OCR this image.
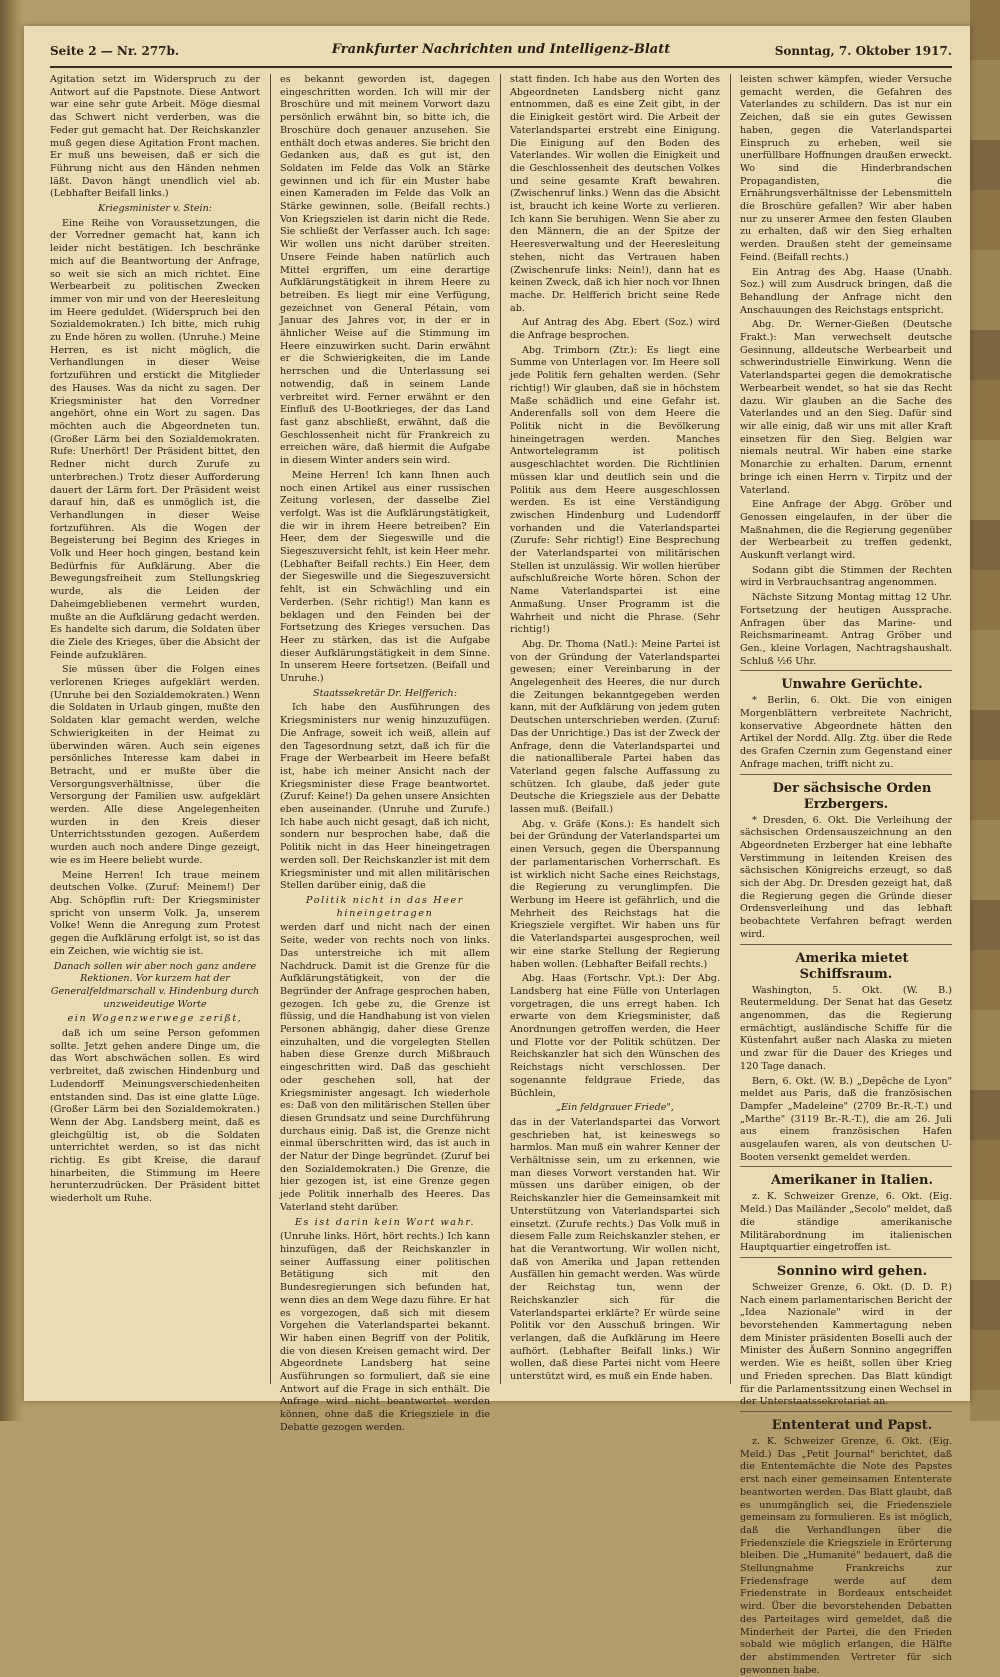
Seite 2 — Nr. 277b.	Frankfurter Nachrichten und Intelligenz-Blatt	Sonntag, 7. Oktober 1917.

Agitation setzt im Widerspruch zu der Antwort auf die Papstnote. Diese Antwort war eine sehr gute Arbeit. Möge diesmal das Schwert nicht verderben, was die Feder gut gemacht hat. Der Reichskanzler muß gegen diese Agitation Front machen. Er muß uns beweisen, daß er sich die Führung nicht aus den Händen nehmen läßt. Davon hängt unendlich viel ab. (Lebhafter Beifall links.)

Kriegsminister v. Stein:

Eine Reihe von Voraussetzungen, die der Vorredner gemacht hat, kann ich leider nicht bestätigen. Ich beschränke mich auf die Beantwortung der Anfrage, so weit sie sich an mich richtet. Eine Werbearbeit zu politischen Zwecken immer von mir und von der Heeresleitung im Heere geduldet. (Widerspruch bei den Sozialdemokraten.) Ich bitte, mich ruhig zu Ende hören zu wollen. (Unruhe.) Meine Herren, es ist nicht möglich, die Verhandlungen in dieser Weise fortzuführen und erstickt die Mitglieder des Hauses. Was da nicht zu sagen. Der Kriegsminister hat den Vorredner angehört, ohne ein Wort zu sagen. Das möchten auch die Abgeordneten tun. (Großer Lärm bei den Sozialdemokraten. Rufe: Unerhört! Der Präsident bittet, den Redner nicht durch Zurufe zu unterbrechen.) Trotz dieser Aufforderung dauert der Lärm fort. Der Präsident weist darauf hin, daß es unmöglich ist, die Verhandlungen in dieser Weise fortzuführen. Als die Wogen der Begeisterung bei Beginn des Krieges in Volk und Heer hoch gingen, bestand kein Bedürfnis für Aufklärung. Aber die Bewegungsfreiheit zum Stellungskrieg wurde, als die Leiden der Daheimgebliebenen vermehrt wurden, mußte an die Aufklärung gedacht werden. Es handelte sich darum, die Soldaten über die Ziele des Krieges, über die Absicht der Feinde aufzuklären.

Sie müssen über die Folgen eines verlorenen Krieges aufgeklärt werden. (Unruhe bei den Sozialdemokraten.) Wenn die Soldaten in Urlaub gingen, mußte den Soldaten klar gemacht werden, welche Schwierigkeiten in der Heimat zu überwinden wären. Auch sein eigenes persönliches Interesse kam dabei in Betracht, und er mußte über die Versorgungsverhältnisse, über die Versorgung der Familien usw. aufgeklärt werden. Alle diese Angelegenheiten wurden in den Kreis dieser Unterrichtsstunden gezogen. Außerdem wurden auch noch andere Dinge gezeigt, wie es im Heere beliebt wurde.

Meine Herren! Ich traue meinem deutschen Volke. (Zuruf: Meinem!) Der Abg. Schöpflin ruft: Der Kriegsminister spricht von unserm Volk. Ja, unserem Volke! Wenn die Anregung zum Protest gegen die Aufklärung erfolgt ist, so ist das ein Zeichen, wie wichtig sie ist.

Danach sollen wir aber noch ganz andere Rektionen. Vor kurzem hat der Generalfeldmarschall v. Hindenburg durch unzweideutige Worte

ein Wogenzwerwege zerißt,

daß ich um seine Person gefommen sollte. Jetzt gehen andere Dinge um, die das Wort abschwächen sollen. Es wird verbreitet, daß zwischen Hindenburg und Ludendorff Meinungsverschiedenheiten entstanden sind. Das ist eine glatte Lüge. (Großer Lärm bei den Sozialdemokraten.) Wenn der Abg. Landsberg meint, daß es gleichgültig ist, ob die Soldaten unterrichtet werden, so ist das nicht richtig. Es gibt Kreise, die darauf hinarbeiten, die Stimmung im Heere herunterzudrücken. Der Präsident bittet wiederholt um Ruhe.

es bekannt geworden ist, dagegen eingeschritten worden. Ich will mir der Broschüre und mit meinem Vorwort dazu persönlich erwähnt bin, so bitte ich, die Broschüre doch genauer anzusehen. Sie enthält doch etwas anderes. Sie bricht den Gedanken aus, daß es gut ist, den Soldaten im Felde das Volk an Stärke gewinnen und ich für ein Muster habe einen Kameraden im Felde das Volk an Stärke gewinnen, solle. (Beifall rechts.) Von Kriegszielen ist darin nicht die Rede. Sie schließt der Verfasser auch. Ich sage: Wir wollen uns nicht darüber streiten. Unsere Feinde haben natürlich auch Mittel ergriffen, um eine derartige Aufklärungstätigkeit in ihrem Heere zu betreiben. Es liegt mir eine Verfügung, gezeichnet von General Pétain, vom Januar des Jahres vor, in der er in ähnlicher Weise auf die Stimmung im Heere einzuwirken sucht. Darin erwähnt er die Schwierigkeiten, die im Lande herrschen und die Unterlassung sei notwendig, daß in seinem Lande verbreitet wird. Ferner erwähnt er den Einfluß des U-Bootkrieges, der das Land fast ganz abschließt, erwähnt, daß die Geschlossenheit nicht für Frankreich zu erreichen wäre, daß hiermit die Aufgabe in diesem Winter anders sein wird.

Meine Herren! Ich kann Ihnen auch noch einen Artikel aus einer russischen Zeitung vorlesen, der dasselbe Ziel verfolgt. Was ist die Aufklärungstätigkeit, die wir in ihrem Heere betreiben? Ein Heer, dem der Siegeswille und die Siegeszuversicht fehlt, ist kein Heer mehr. (Lebhafter Beifall rechts.) Ein Heer, dem der Siegeswille und die Siegeszuversicht fehlt, ist ein Schwächling und ein Verderben. (Sehr richtig!) Man kann es beklagen und den Feinden bei der Fortsetzung des Krieges versuchen. Das Heer zu stärken, das ist die Aufgabe dieser Aufklärungstätigkeit in dem Sinne. In unserem Heere fortsetzen. (Beifall und Unruhe.)

Staatssekretär Dr. Helfferich:

Ich habe den Ausführungen des Kriegsministers nur wenig hinzuzufügen. Die Anfrage, soweit ich weiß, allein auf den Tagesordnung setzt, daß ich für die Frage der Werbearbeit im Heere befaßt ist, habe ich meiner Ansicht nach der Kriegsminister diese Frage beantwortet. (Zuruf: Keine!) Da gehen unsere Ansichten eben auseinander. (Unruhe und Zurufe.) Ich habe auch nicht gesagt, daß ich nicht, sondern nur besprochen habe, daß die Politik nicht in das Heer hineingetragen werden soll. Der Reichskanzler ist mit dem Kriegsminister und mit allen militärischen Stellen darüber einig, daß die

Politik nicht in das Heer hineingetragen

werden darf und nicht nach der einen Seite, weder von rechts noch von links. Das unterstreiche ich mit allem Nachdruck. Damit ist die Grenze für die Aufklärungstätigkeit, von der die Begründer der Anfrage gesprochen haben, gezogen. Ich gebe zu, die Grenze ist flüssig, und die Handhabung ist von vielen Personen abhängig, daher diese Grenze einzuhalten, und die vorgelegten Stellen haben diese Grenze durch Mißbrauch eingeschritten wird. Daß das geschieht oder geschehen soll, hat der Kriegsminister angesagt. Ich wiederhole es: Daß von den militärischen Stellen über diesen Grundsatz und seine Durchführung durchaus einig. Daß ist, die Grenze nicht einmal überschritten wird, das ist auch in der Natur der Dinge begründet. (Zuruf bei den Sozialdemokraten.) Die Grenze, die hier gezogen ist, ist eine Grenze gegen jede Politik innerhalb des Heeres. Das Vaterland steht darüber.

Es ist darin kein Wort wahr.

(Unruhe links. Hört, hört rechts.) Ich kann hinzufügen, daß der Reichskanzler in seiner Auffassung einer politischen Betätigung sich mit den Bundesregierungen sich befunden hat, wenn dies an dem Wege dazu führe. Er hat es vorgezogen, daß sich mit diesem Vorgehen die Vaterlandspartei bekannt. Wir haben einen Begriff von der Politik, die von diesen Kreisen gemacht wird. Der Abgeordnete Landsberg hat seine Ausführungen so formuliert, daß sie eine Antwort auf die Frage in sich enthält. Die Anfrage wird nicht beantwortet werden können, ohne daß die Kriegsziele in die Debatte gezogen werden.

statt finden. Ich habe aus den Worten des Abgeordneten Landsberg nicht ganz entnommen, daß es eine Zeit gibt, in der die Einigkeit gestört wird. Die Arbeit der Vaterlandspartei erstrebt eine Einigung. Die Einigung auf den Boden des Vaterlandes. Wir wollen die Einigkeit und die Geschlossenheit des deutschen Volkes und seine gesamte Kraft bewahren. (Zwischenruf links.) Wenn das die Absicht ist, braucht ich keine Worte zu verlieren. Ich kann Sie beruhigen. Wenn Sie aber zu den Männern, die an der Spitze der Heeresverwaltung und der Heeresleitung stehen, nicht das Vertrauen haben (Zwischenrufe links: Nein!), dann hat es keinen Zweck, daß ich hier noch vor Ihnen mache. Dr. Helfferich bricht seine Rede ab.

Auf Antrag des Abg. Ebert (Soz.) wird die Anfrage besprochen.

Abg. Trimborn (Ztr.): Es liegt eine Summe von Unterlagen vor. Im Heere soll jede Politik fern gehalten werden. (Sehr richtig!) Wir glauben, daß sie in höchstem Maße schädlich und eine Gefahr ist. Anderenfalls soll von dem Heere die Politik nicht in die Bevölkerung hineingetragen werden. Manches Antwortelegramm ist politisch ausgeschlachtet worden. Die Richtlinien müssen klar und deutlich sein und die Politik aus dem Heere ausgeschlossen werden. Es ist eine Verständigung zwischen Hindenburg und Ludendorff vorhanden und die Vaterlandspartei (Zurufe: Sehr richtig!) Eine Besprechung der Vaterlandspartei von militärischen Stellen ist unzulässig. Wir wollen hierüber aufschlußreiche Worte hören. Schon der Name Vaterlandspartei ist eine Anmaßung. Unser Programm ist die Wahrheit und nicht die Phrase. (Sehr richtig!)

Abg. Dr. Thoma (Natl.): Meine Partei ist von der Gründung der Vaterlandspartei gewesen; einer Vereinbarung in der Angelegenheit des Heeres, die nur durch die Zeitungen bekanntgegeben werden kann, mit der Aufklärung von jedem guten Deutschen unterschrieben werden. (Zuruf: Das der Unrichtige.) Das ist der Zweck der Anfrage, denn die Vaterlandspartei und die nationalliberale Partei haben das Vaterland gegen falsche Auffassung zu schützen. Ich glaube, daß jeder gute Deutsche die Kriegsziele aus der Debatte lassen muß. (Beifall.)

Abg. v. Gräfe (Kons.): Es handelt sich bei der Gründung der Vaterlandspartei um einen Versuch, gegen die Überspannung der parlamentarischen Vorherrschaft. Es ist wirklich nicht Sache eines Reichstags, die Regierung zu verunglimpfen. Die Werbung im Heere ist gefährlich, und die Mehrheit des Reichstags hat die Kriegsziele vergiftet. Wir haben uns für die Vaterlandspartei ausgesprochen, weil wir eine starke Stellung der Regierung haben wollen. (Lebhafter Beifall rechts.)

Abg. Haas (Fortschr. Vpt.): Der Abg. Landsberg hat eine Fülle von Unterlagen vorgetragen, die uns erregt haben. Ich erwarte von dem Kriegsminister, daß Anordnungen getroffen werden, die Heer und Flotte vor der Politik schützen. Der Reichskanzler hat sich den Wünschen des Reichstags nicht verschlossen. Der sogenannte feldgraue Friede, das Büchlein,

„Ein feldgrauer Friede",

das in der Vaterlandspartei das Vorwort geschrieben hat, ist keineswegs so harmlos. Man muß ein wahrer Kenner der Verhältnisse sein, um zu erkennen, wie man dieses Vorwort verstanden hat. Wir müssen uns darüber einigen, ob der Reichskanzler hier die Gemeinsamkeit mit Unterstützung von Vaterlandspartei sich einsetzt. (Zurufe rechts.) Das Volk muß in diesem Falle zum Reichskanzler stehen, er hat die Verantwortung. Wir wollen nicht, daß von Amerika und Japan rettenden Ausfällen hin gemacht werden. Was würde der Reichstag tun, wenn der Reichskanzler sich für die Vaterlandspartei erklärte? Er würde seine Politik vor den Ausschuß bringen. Wir verlangen, daß die Aufklärung im Heere aufhört. (Lebhafter Beifall links.) Wir wollen, daß diese Partei nicht vom Heere unterstützt wird, es muß ein Ende haben.

leisten schwer kämpfen, wieder Versuche gemacht werden, die Gefahren des Vaterlandes zu schildern. Das ist nur ein Zeichen, daß sie ein gutes Gewissen haben, gegen die Vaterlandspartei Einspruch zu erheben, weil sie unerfüllbare Hoffnungen draußen erweckt. Wo sind die Hinderbrandschen Propagandisten, die Ernährungsverhältnisse der Lebensmitteln die Broschüre gefallen? Wir aber haben nur zu unserer Armee den festen Glauben zu erhalten, daß wir den Sieg erhalten werden. Draußen steht der gemeinsame Feind. (Beifall rechts.)

Ein Antrag des Abg. Haase (Unabh. Soz.) will zum Ausdruck bringen, daß die Behandlung der Anfrage nicht den Anschauungen des Reichstags entspricht.

Abg. Dr. Werner-Gießen (Deutsche Frakt.): Man verwechselt deutsche Gesinnung, alldeutsche Werbearbeit und schwerindustrielle Einwirkung. Wenn die Vaterlandspartei gegen die demokratische Werbearbeit wendet, so hat sie das Recht dazu. Wir glauben an die Sache des Vaterlandes und an den Sieg. Dafür sind wir alle einig, daß wir uns mit aller Kraft einsetzen für den Sieg. Belgien war niemals neutral. Wir haben eine starke Monarchie zu erhalten. Darum, ernennt bringe ich einen Herrn v. Tirpitz und der Vaterland.

Eine Anfrage der Abgg. Gröber und Genossen eingelaufen, in der über die Maßnahmen, die die Regierung gegenüber der Werbearbeit zu treffen gedenkt, Auskunft verlangt wird.

Sodann gibt die Stimmen der Rechten wird in Verbrauchsantrag angenommen.

Nächste Sitzung Montag mittag 12 Uhr. Fortsetzung der heutigen Aussprache. Anfragen über das Marine- und Reichsmarineamt. Antrag Gröber und Gen., kleine Vorlagen, Nachtragshaushalt. Schluß ½6 Uhr.

Unwahre Gerüchte.

* Berlin, 6. Okt. Die von einigen Morgenblättern verbreitete Nachricht, konservative Abgeordnete hätten den Artikel der Nordd. Allg. Ztg. über die Rede des Grafen Czernin zum Gegenstand einer Anfrage machen, trifft nicht zu.

Der sächsische Orden Erzbergers.

* Dresden, 6. Okt. Die Verleihung der sächsischen Ordensauszeichnung an den Abgeordneten Erzberger hat eine lebhafte Verstimmung in leitenden Kreisen des sächsischen Königreichs erzeugt, so daß sich der Abg. Dr. Dresden gezeigt hat, daß die Regierung gegen die Gründe dieser Ordensverleihung und das lebhaft beobachtete Verfahren befragt werden wird.

Amerika mietet Schiffsraum.

Washington, 5. Okt. (W. B.) Reutermeldung. Der Senat hat das Gesetz angenommen, das die Regierung ermächtigt, ausländische Schiffe für die Küstenfahrt außer nach Alaska zu mieten und zwar für die Dauer des Krieges und 120 Tage danach.

Bern, 6. Okt. (W. B.) „Depêche de Lyon" meldet aus Paris, daß die französischen Dampfer „Madeleine" (2709 Br.-R.-T.) und „Marthe" (3119 Br.-R.-T.), die am 26. Juli aus einem französischen Hafen ausgelaufen waren, als von deutschen U-Booten versenkt gemeldet werden.

Amerikaner in Italien.

z. K. Schweizer Grenze, 6. Okt. (Eig. Meld.) Das Mailänder „Secolo" meldet, daß die ständige amerikanische Militärabordnung im italienischen Hauptquartier eingetroffen ist.

Sonnino wird gehen.

Schweizer Grenze, 6. Okt. (D. D. P.) Nach einem parlamentarischen Bericht der „Idea Nazionale" wird in der bevorstehenden Kammertagung neben dem Minister präsidenten Boselli auch der Minister des Äußern Sonnino angegriffen werden. Wie es heißt, sollen über Krieg und Frieden sprechen. Das Blatt kündigt für die Parlamentssitzung einen Wechsel in der Unterstaatssekretariat an.

Ententerat und Papst.

z. K. Schweizer Grenze, 6. Okt. (Eig. Meld.) Das „Petit Journal" berichtet, daß die Ententemächte die Note des Papstes erst nach einer gemeinsamen Ententerate beantworten werden. Das Blatt glaubt, daß es unumgänglich sei, die Friedensziele gemeinsam zu formulieren. Es ist möglich, daß die Verhandlungen über die Friedensziele die Kriegsziele in Erörterung bleiben. Die „Humanité" bedauert, daß die Stellungnahme Frankreichs zur Friedensfrage werde auf dem Friedenstrate in Bordeaux entscheidet wird. Über die bevorstehenden Debatten des Parteitages wird gemeldet, daß die Minderheit der Partei, die den Frieden sobald wie möglich erlangen, die Hälfte der abstimmenden Vertreter für sich gewonnen habe.
